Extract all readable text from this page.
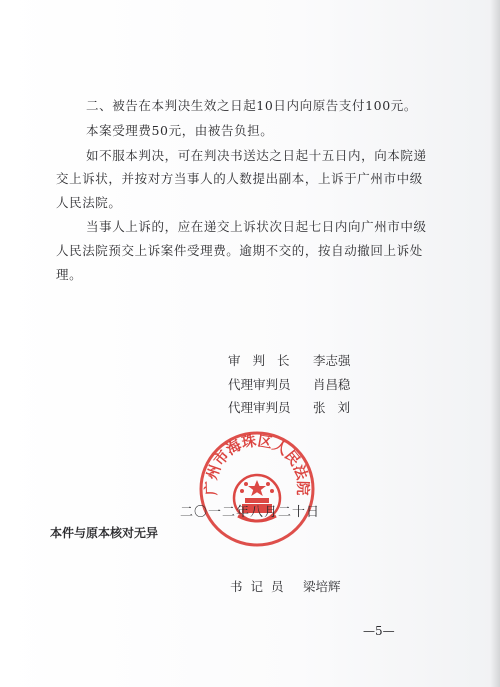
二、被告在本判决生效之日起10日内向原告支付100元。
本案受理费50元，由被告负担。
如不服本判决，可在判决书送达之日起十五日内，向本院递
交上诉状，并按对方当事人的人数提出副本，上诉于广州市中级
人民法院。
当事人上诉的，应在递交上诉状次日起七日内向广州市中级
人民法院预交上诉案件受理费。逾期不交的，按自动撤回上诉处
理。
审 判 长 李志强
代理审判员 肖昌稳
代理审判员 张 刘
广州市海珠区人民法院
二〇一二年八月二十日
本件与原本核对无异
书 记 员 梁培辉
—5—
